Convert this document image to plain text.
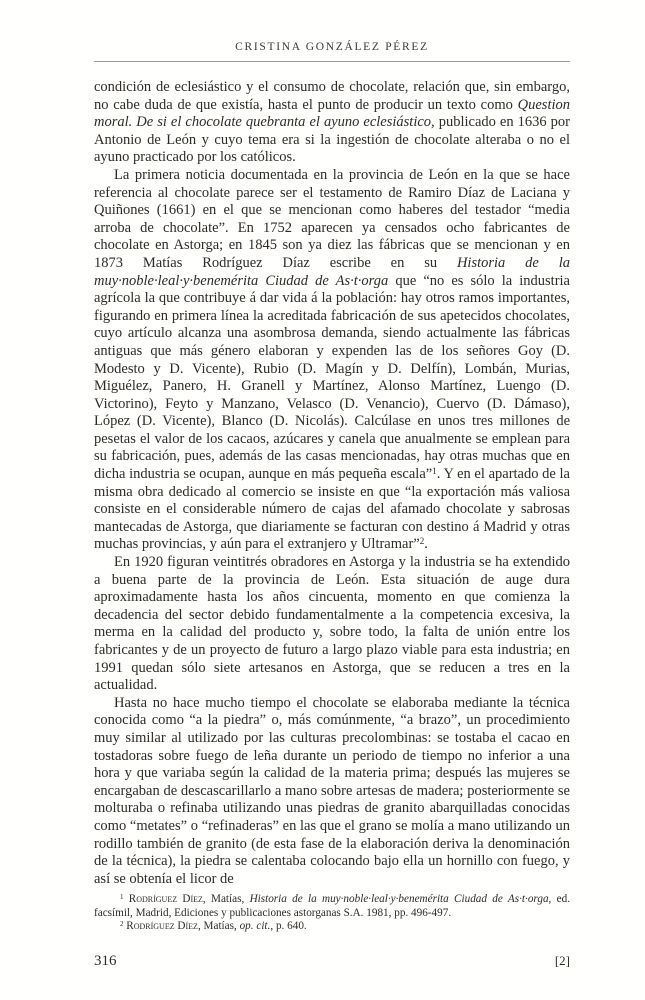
CRISTINA GONZÁLEZ PÉREZ

condición de eclesiástico y el consumo de chocolate, relación que, sin embargo, no cabe duda de que existía, hasta el punto de producir un texto como Question moral. De si el chocolate quebranta el ayuno eclesiástico, publicado en 1636 por Antonio de León y cuyo tema era si la ingestión de chocolate alteraba o no el ayuno practicado por los católicos.

La primera noticia documentada en la provincia de León en la que se hace referencia al chocolate parece ser el testamento de Ramiro Díaz de Laciana y Quiñones (1661) en el que se mencionan como haberes del testador “media arroba de chocolate”. En 1752 aparecen ya censados ocho fabricantes de chocolate en Astorga; en 1845 son ya diez las fábricas que se mencionan y en 1873 Matías Rodríguez Díaz escribe en su Historia de la muy·noble·leal·y·benemérita Ciudad de As·t·orga que “no es sólo la industria agrícola la que contribuye á dar vida á la población: hay otros ramos importantes, figurando en primera línea la acreditada fabricación de sus apetecidos chocolates, cuyo artículo alcanza una asombrosa demanda, siendo actualmente las fábricas antiguas que más género elaboran y expenden las de los señores Goy (D. Modesto y D. Vicente), Rubio (D. Magín y D. Delfín), Lombán, Murias, Miguélez, Panero, H. Granell y Martínez, Alonso Martínez, Luengo (D. Victorino), Feyto y Manzano, Velasco (D. Venancio), Cuervo (D. Dámaso), López (D. Vicente), Blanco (D. Nicolás). Calcúlase en unos tres millones de pesetas el valor de los cacaos, azúcares y canela que anualmente se emplean para su fabricación, pues, además de las casas mencionadas, hay otras muchas que en dicha industria se ocupan, aunque en más pequeña escala”$^1$. Y en el apartado de la misma obra dedicado al comercio se insiste en que “la exportación más valiosa consiste en el considerable número de cajas del afamado chocolate y sabrosas mantecadas de Astorga, que diariamente se facturan con destino á Madrid y otras muchas provincias, y aún para el extranjero y Ultramar”$^2$.

En 1920 figuran veintitrés obradores en Astorga y la industria se ha extendido a buena parte de la provincia de León. Esta situación de auge dura aproximadamente hasta los años cincuenta, momento en que comienza la decadencia del sector debido fundamentalmente a la competencia excesiva, la merma en la calidad del producto y, sobre todo, la falta de unión entre los fabricantes y de un proyecto de futuro a largo plazo viable para esta industria; en 1991 quedan sólo siete artesanos en Astorga, que se reducen a tres en la actualidad.

Hasta no hace mucho tiempo el chocolate se elaboraba mediante la técnica conocida como “a la piedra” o, más comúnmente, “a brazo”, un procedimiento muy similar al utilizado por las culturas precolombinas: se tostaba el cacao en tostadoras sobre fuego de leña durante un periodo de tiempo no inferior a una hora y que variaba según la calidad de la materia prima; después las mujeres se encargaban de descascarillarlo a mano sobre artesas de madera; posteriormente se molturaba o refinaba utilizando unas piedras de granito abarquilladas conocidas como “metates” o “refinaderas” en las que el grano se molía a mano utilizando un rodillo también de granito (de esta fase de la elaboración deriva la denominación de la técnica), la piedra se calentaba colocando bajo ella un hornillo con fuego, y así se obtenía el licor de

$^1$ Rodríguez Díez, Matías, Historia de la muy·noble·leal·y·benemérita Ciudad de As·t·orga, ed. facsímil, Madrid, Ediciones y publicaciones astorganas S.A. 1981, pp. 496-497.

$^2$ Rodríguez Díez, Matías, op. cit., p. 640.

316	[2]
